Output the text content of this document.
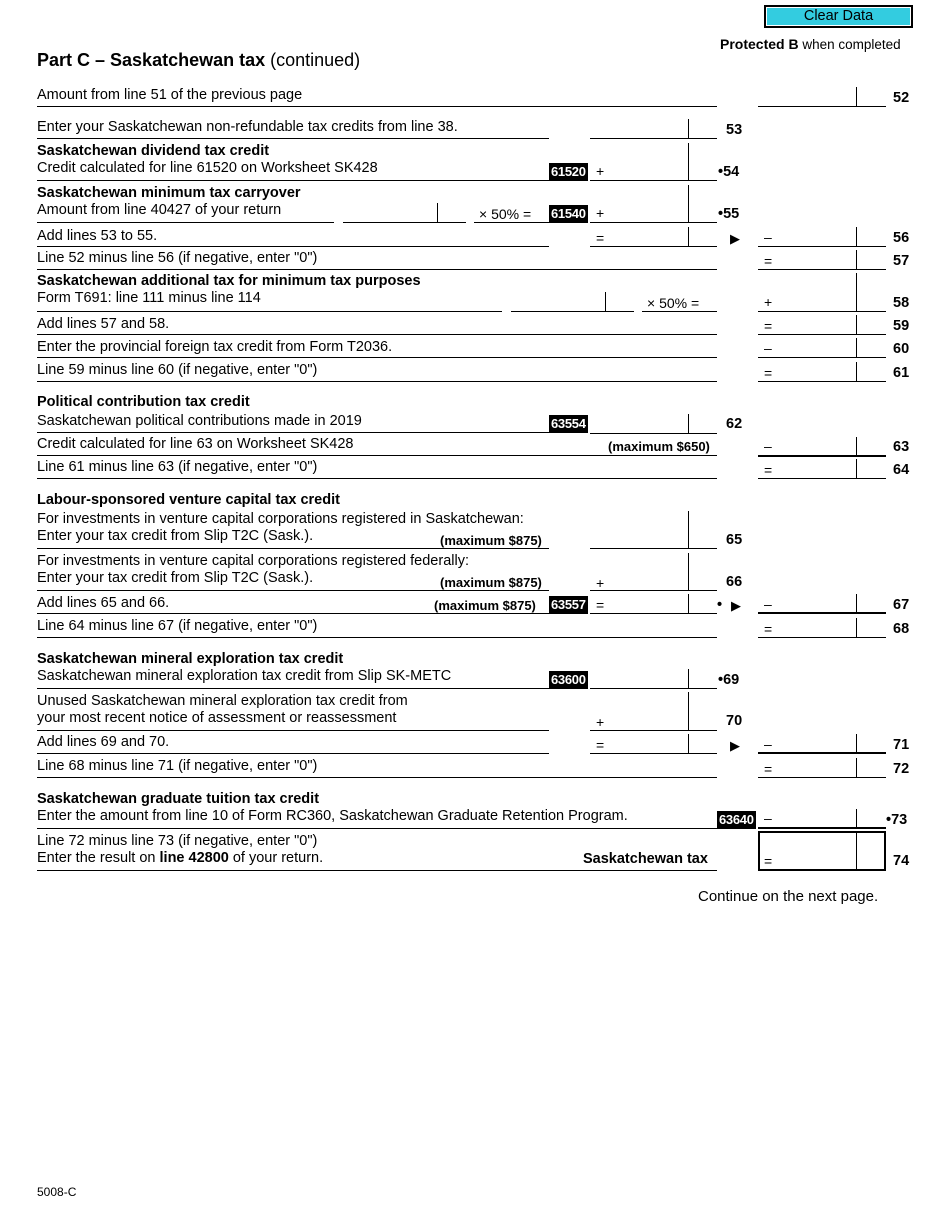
Clear Data
Protected B when completed
Part C – Saskatchewan tax (continued)
Amount from line 51 of the previous page	52
Enter your Saskatchewan non-refundable tax credits from line 38.	53
Saskatchewan dividend tax credit
Credit calculated for line 61520 on Worksheet SK428	61520 +	•54
Saskatchewan minimum tax carryover
Amount from line 40427 of your return	× 50% = 61540 +	•55
Add lines 53 to 55.	=	▶ –	56
Line 52 minus line 56 (if negative, enter "0")	=	57
Saskatchewan additional tax for minimum tax purposes
Form T691: line 111 minus line 114	× 50% =	+	58
Add lines 57 and 58.	=	59
Enter the provincial foreign tax credit from Form T2036.	–	60
Line 59 minus line 60 (if negative, enter "0")	=	61
Political contribution tax credit
Saskatchewan political contributions made in 2019	63554	62
Credit calculated for line 63 on Worksheet SK428	(maximum $650)	–	63
Line 61 minus line 63 (if negative, enter "0")	=	64
Labour-sponsored venture capital tax credit
For investments in venture capital corporations registered in Saskatchewan:
Enter your tax credit from Slip T2C (Sask.).	(maximum $875)	65
For investments in venture capital corporations registered federally:
Enter your tax credit from Slip T2C (Sask.).	(maximum $875)	+	66
Add lines 65 and 66.	(maximum $875) 63557 =	• ▶ –	67
Line 64 minus line 67 (if negative, enter "0")	=	68
Saskatchewan mineral exploration tax credit
Saskatchewan mineral exploration tax credit from Slip SK-METC	63600	•69
Unused Saskatchewan mineral exploration tax credit from
your most recent notice of assessment or reassessment	+	70
Add lines 69 and 70.	=	▶ –	71
Line 68 minus line 71 (if negative, enter "0")	=	72
Saskatchewan graduate tuition tax credit
Enter the amount from line 10 of Form RC360, Saskatchewan Graduate Retention Program.	63640 –	•73
Line 72 minus line 73 (if negative, enter "0")
Enter the result on line 42800 of your return.	Saskatchewan tax	=	74
Continue on the next page.
5008-C
